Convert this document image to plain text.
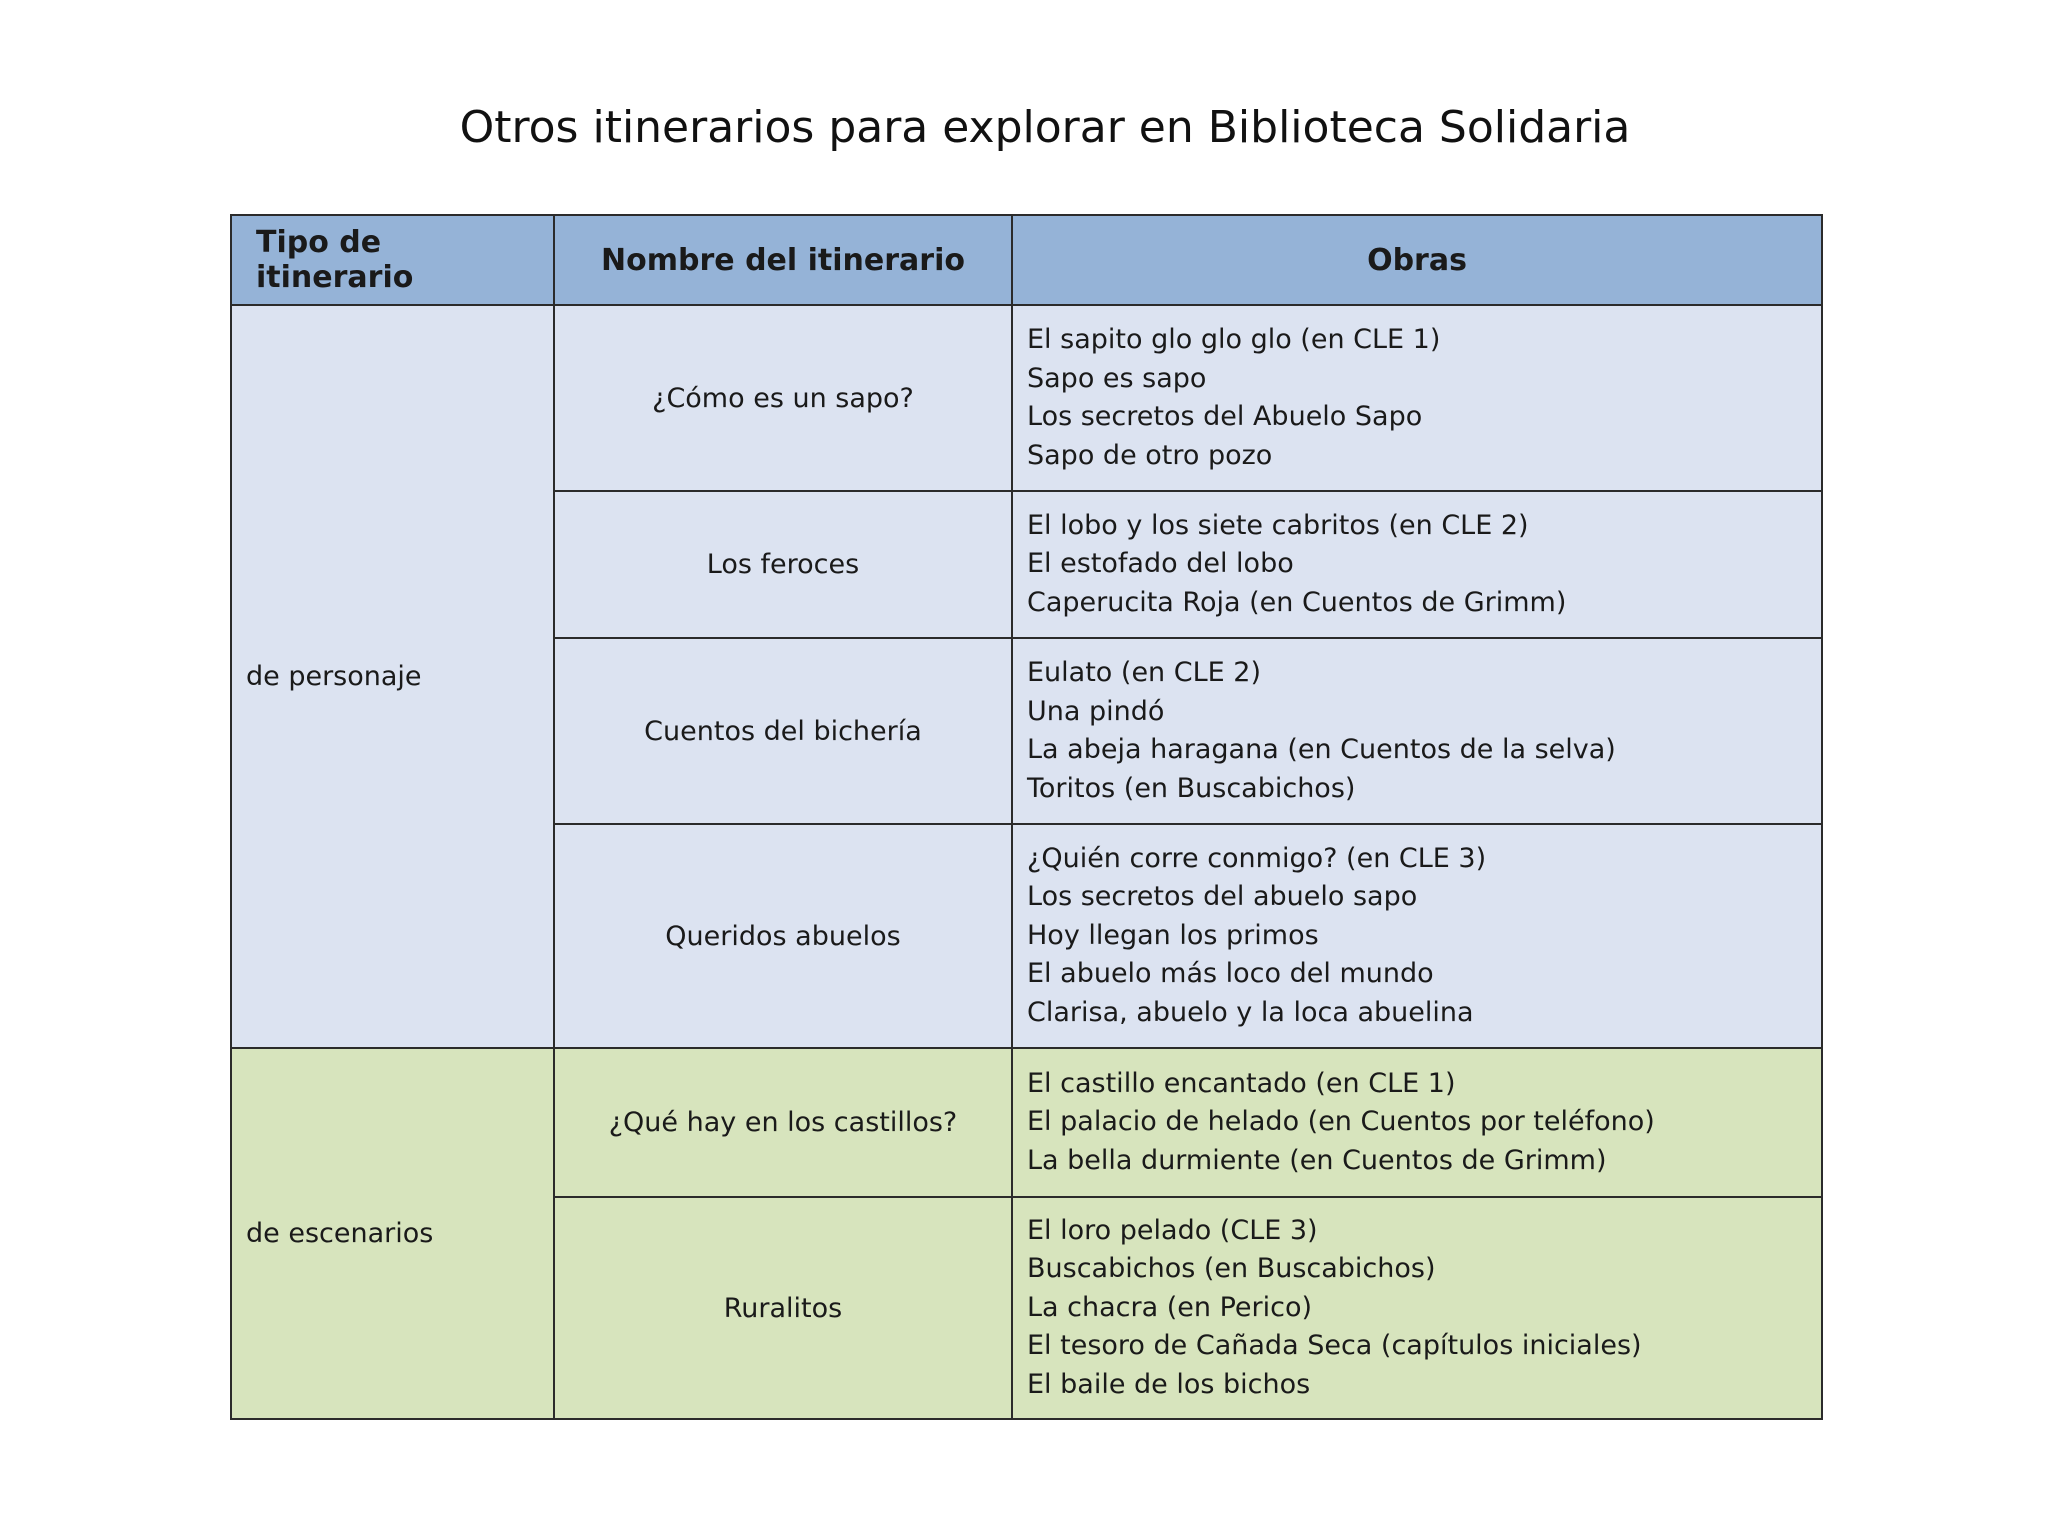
Otros itinerarios para explorar en Biblioteca Solidaria
Tipo de itinerario	Nombre del itinerario	Obras
de personaje	¿Cómo es un sapo?	El sapito glo glo glo (en CLE 1)
Sapo es sapo
Los secretos del Abuelo Sapo
Sapo de otro pozo

	Los feroces	El lobo y los siete cabritos (en CLE 2)
El estofado del lobo
Caperucita Roja (en Cuentos de Grimm)

	Cuentos del bichería	Eulato (en CLE 2)
Una pindó
La abeja haragana (en Cuentos de la selva)
Toritos (en Buscabichos)

	Queridos abuelos	¿Quién corre conmigo? (en CLE 3)
Los secretos del abuelo sapo
Hoy llegan los primos
El abuelo más loco del mundo
Clarisa, abuelo y la loca abuelina

de escenarios	¿Qué hay en los castillos?	El castillo encantado (en CLE 1)
El palacio de helado (en Cuentos por teléfono)
La bella durmiente (en Cuentos de Grimm)

	Ruralitos	El loro pelado (CLE 3)
Buscabichos (en Buscabichos)
La chacra (en Perico)
El tesoro de Cañada Seca (capítulos iniciales)
El baile de los bichos
